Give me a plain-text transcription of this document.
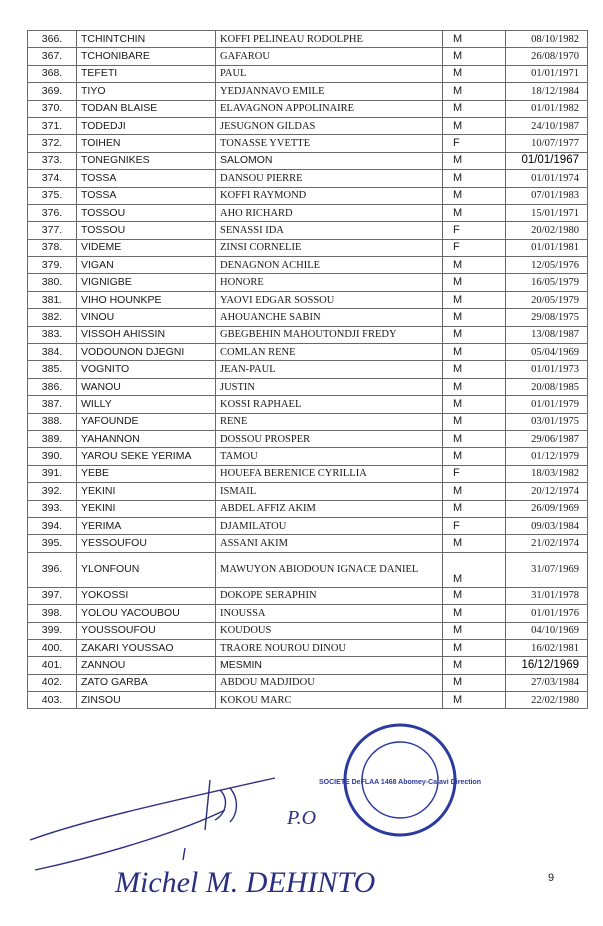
366.	TCHINTCHIN	KOFFI PELINEAU RODOLPHE	M	08/10/1982
367.	TCHONIBARE	GAFAROU	M	26/08/1970
368.	TEFETI	PAUL	M	01/01/1971
369.	TIYO	YEDJANNAVO EMILE	M	18/12/1984
370.	TODAN BLAISE	ELAVAGNON APPOLINAIRE	M	01/01/1982
371.	TODEDJI	JESUGNON GILDAS	M	24/10/1987
372.	TOIHEN	TONASSE YVETTE	F	10/07/1977
373.	TONEGNIKES	SALOMON	M	01/01/1967
374.	TOSSA	DANSOU PIERRE	M	01/01/1974
375.	TOSSA	KOFFI RAYMOND	M	07/01/1983
376.	TOSSOU	AHO RICHARD	M	15/01/1971
377.	TOSSOU	SENASSI IDA	F	20/02/1980
378.	VIDEME	ZINSI CORNELIE	F	01/01/1981
379.	VIGAN	DENAGNON ACHILE	M	12/05/1976
380.	VIGNIGBE	HONORE	M	16/05/1979
381.	VIHO HOUNKPE	YAOVI EDGAR SOSSOU	M	20/05/1979
382.	VINOU	AHOUANCHE SABIN	M	29/08/1975
383.	VISSOH AHISSIN	GBEGBEHIN MAHOUTONDJI FREDY	M	13/08/1987
384.	VODOUNON DJEGNI	COMLAN RENE	M	05/04/1969
385.	VOGNITO	JEAN-PAUL	M	01/01/1973
386.	WANOU	JUSTIN	M	20/08/1985
387.	WILLY	KOSSI RAPHAEL	M	01/01/1979
388.	YAFOUNDE	RENE	M	03/01/1975
389.	YAHANNON	DOSSOU PROSPER	M	29/06/1987
390.	YAROU SEKE YERIMA	TAMOU	M	01/12/1979
391.	YEBE	HOUEFA BERENICE CYRILLIA	F	18/03/1982
392.	YEKINI	ISMAIL	M	20/12/1974
393.	YEKINI	ABDEL AFFIZ AKIM	M	26/09/1969
394.	YERIMA	DJAMILATOU	F	09/03/1984
395.	YESSOUFOU	ASSANI AKIM	M	21/02/1974
396.	YLONFOUN	MAWUYON ABIODOUN IGNACE DANIEL	M	31/07/1969
397.	YOKOSSI	DOKOPE SERAPHIN	M	31/01/1978
398.	YOLOU YACOUBOU	INOUSSA	M	01/01/1976
399.	YOUSSOUFOU	KOUDOUS	M	04/10/1969
400.	ZAKARI YOUSSAO	TRAORE NOUROU DINOU	M	16/02/1981
401.	ZANNOU	MESMIN	M	16/12/1969
402.	ZATO GARBA	ABDOU MADJIDOU	M	27/03/1984
403.	ZINSOU	KOKOU MARC	M	22/02/1980
P.O
Michel M. DEHINTO
SOCIETE DeFLAA 1468 Abomey-Calavi Direction
9
